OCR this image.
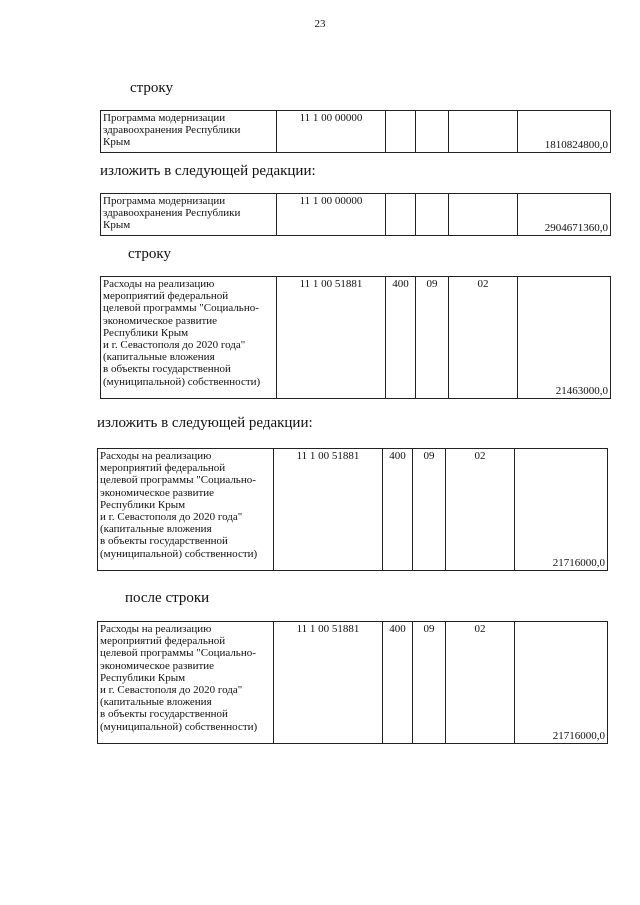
23
строку
Программа модернизации
здравоохранения Республики
Крым
	11 1 00 00000				1810824800,0
изложить в следующей редакции:
Программа модернизации
здравоохранения Республики
Крым
	11 1 00 00000				2904671360,0
строку
Расходы на реализацию
мероприятий федеральной
целевой программы "Социально-
экономическое развитие
Республики Крым
и г. Севастополя до 2020 года"
(капитальные вложения
в объекты государственной
(муниципальной) собственности)
	11 1 00 51881	400	09	02	21463000,0
изложить в следующей редакции:
Расходы на реализацию
мероприятий федеральной
целевой программы "Социально-
экономическое развитие
Республики Крым
и г. Севастополя до 2020 года"
(капитальные вложения
в объекты государственной
(муниципальной) собственности)
	11 1 00 51881	400	09	02	21716000,0
после строки
Расходы на реализацию
мероприятий федеральной
целевой программы "Социально-
экономическое развитие
Республики Крым
и г. Севастополя до 2020 года"
(капитальные вложения
в объекты государственной
(муниципальной) собственности)
	11 1 00 51881	400	09	02	21716000,0
